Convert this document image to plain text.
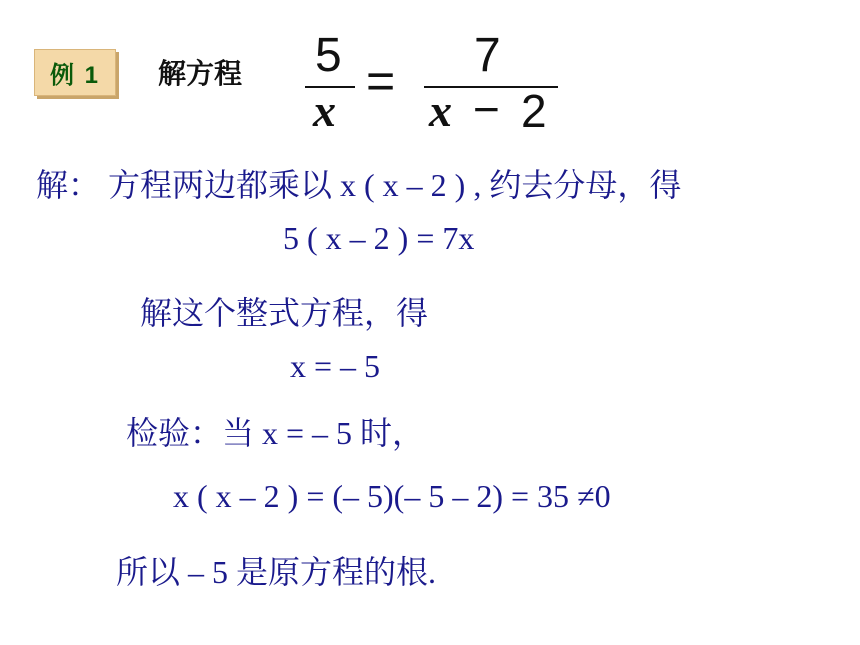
例 1 解方程 5
x
= 7
x − 2
解： 方程两边都乘以 x ( x – 2 ) , 约去分母，得
5 ( x – 2 ) = 7x
解这个整式方程，得
x = – 5
检验：当 x = – 5 时，
x ( x – 2 ) = (– 5)(– 5 – 2) = 35 ≠0
所以 – 5 是原方程的根.
